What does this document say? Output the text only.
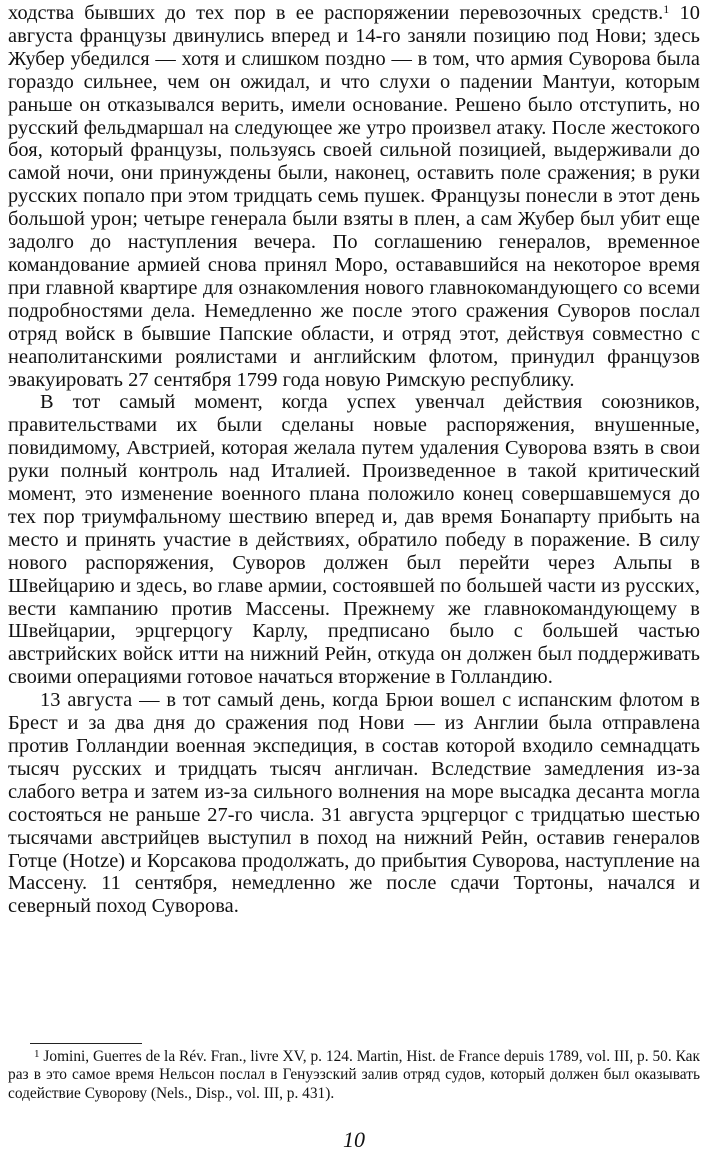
ходства бывших до тех пор в ее распоряжении перевозочных средств.$^1$ 10 августа французы двинулись вперед и 14-го заняли позицию под Нови; здесь Жубер убедился — хотя и слишком поздно — в том, что армия Суворова была гораздо сильнее, чем он ожидал, и что слухи о падении Мантуи, которым раньше он отказывался верить, имели основание. Решено было отступить, но русский фельдмаршал на следующее же утро произвел атаку. После жестокого боя, который французы, пользуясь своей сильной позицией, выдерживали до самой ночи, они принуждены были, наконец, оставить поле сражения; в руки русских попало при этом тридцать семь пушек. Французы понесли в этот день большой урон; четыре генерала были взяты в плен, а сам Жубер был убит еще задолго до наступления вечера. По соглашению генералов, временное командование армией снова принял Моро, остававшийся на некоторое время при главной квартире для ознакомления нового главнокомандующего со всеми подробностями дела. Немедленно же после этого сражения Суворов послал отряд войск в бывшие Папские области, и отряд этот, действуя совместно с неаполитанскими роялистами и английским флотом, принудил французов эвакуировать 27 сентября 1799 года новую Римскую республику.

В тот самый момент, когда успех увенчал действия союзников, правительствами их были сделаны новые распоряжения, внушенные, повидимому, Австрией, которая желала путем удаления Суворова взять в свои руки полный контроль над Италией. Произведенное в такой критический момент, это изменение военного плана положило конец совершавшемуся до тех пор триумфальному шествию вперед и, дав время Бонапарту прибыть на место и принять участие в действиях, обратило победу в поражение. В силу нового распоряжения, Суворов должен был перейти через Альпы в Швейцарию и здесь, во главе армии, состоявшей по большей части из русских, вести кампанию против Массены. Прежнему же главнокомандующему в Швейцарии, эрцгерцогу Карлу, предписано было с большей частью австрийских войск итти на нижний Рейн, откуда он должен был поддерживать своими операциями готовое начаться вторжение в Голландию.

13 августа — в тот самый день, когда Брюи вошел с испанским флотом в Брест и за два дня до сражения под Нови — из Англии была отправлена против Голландии военная экспедиция, в состав которой входило семнадцать тысяч русских и тридцать тысяч англичан. Вследствие замедления из-за слабого ветра и затем из-за сильного волнения на море высадка десанта могла состояться не раньше 27-го числа. 31 августа эрцгерцог с тридцатью шестью тысячами австрийцев выступил в поход на нижний Рейн, оставив генералов Готце (Hotze) и Корсакова продолжать, до прибытия Суворова, наступление на Массену. 11 сентября, немедленно же после сдачи Тортоны, начался и северный поход Суворова.

$^1$ Jomini, Guerres de la Rév. Fran., livre XV, p. 124. Martin, Hist. de France depuis 1789, vol. III, p. 50. Как раз в это самое время Нельсон послал в Генуэзский залив отряд судов, который должен был оказывать содействие Суворову (Nels., Disp., vol. III, p. 431).

10
